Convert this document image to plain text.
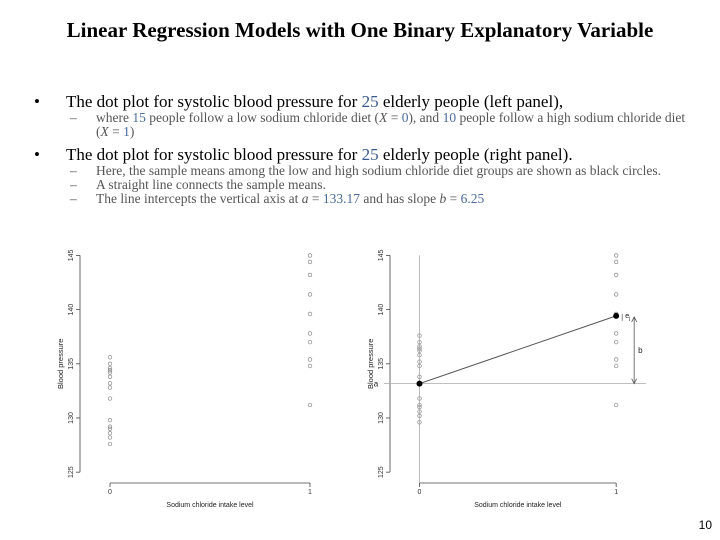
Linear Regression Models with One Binary Explanatory Variable
•	The dot plot for systolic blood pressure for 25 elderly people (left panel),
–	where 15 people follow a low sodium chloride diet (X = 0), and 10 people follow a high sodium chloride diet (X = 1)
•	The dot plot for systolic blood pressure for 25 elderly people (right panel).
–	Here, the sample means among the low and high sodium chloride diet groups are shown as black circles.
–	A straight line connects the sample means.
–	The line intercepts the vertical axis at a = 133.17 and has slope b = 6.25
125
130
135
140
145
Blood pressure
0	1
Sodium chloride intake level
125
130
135
140
145
Blood pressure
0	1
Sodium chloride intake level
a
e j
b
10
